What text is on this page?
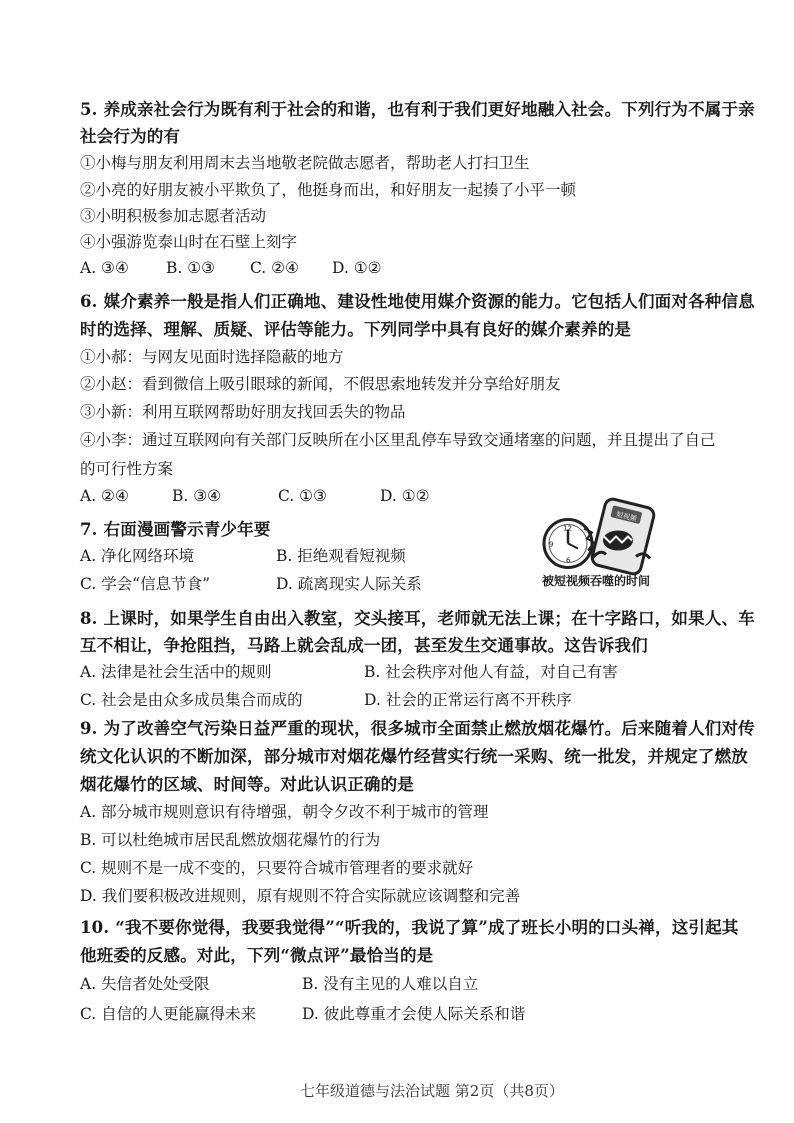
5. 养成亲社会行为既有利于社会的和谐，也有利于我们更好地融入社会。下列行为不属于亲
社会行为的有
①小梅与朋友利用周末去当地敬老院做志愿者，帮助老人打扫卫生
②小亮的好朋友被小平欺负了，他挺身而出，和好朋友一起揍了小平一顿
③小明积极参加志愿者活动
④小强游览泰山时在石壁上刻字
A. ③④ B. ①③ C. ②④ D. ①②
6. 媒介素养一般是指人们正确地、建设性地使用媒介资源的能力。它包括人们面对各种信息
时的选择、理解、质疑、评估等能力。下列同学中具有良好的媒介素养的是
①小郝：与网友见面时选择隐蔽的地方
②小赵：看到微信上吸引眼球的新闻，不假思索地转发并分享给好朋友
③小新：利用互联网帮助好朋友找回丢失的物品
④小李：通过互联网向有关部门反映所在小区里乱停车导致交通堵塞的问题，并且提出了自己
的可行性方案
A. ②④	B. ③④	C. ①③	D. ①②
7. 右面漫画警示青少年要
A. 净化网络环境	B. 拒绝观看短视频
C. 学会“信息节食”	D. 疏离现实人际关系
12
9
6
短视频
被短视频吞噬的时间
8. 上课时，如果学生自由出入教室，交头接耳，老师就无法上课；在十字路口，如果人、车
互不相让，争抢阻挡，马路上就会乱成一团，甚至发生交通事故。这告诉我们
A. 法律是社会生活中的规则	B. 社会秩序对他人有益，对自己有害
C. 社会是由众多成员集合而成的	D. 社会的正常运行离不开秩序
9. 为了改善空气污染日益严重的现状，很多城市全面禁止燃放烟花爆竹。后来随着人们对传
统文化认识的不断加深，部分城市对烟花爆竹经营实行统一采购、统一批发，并规定了燃放
烟花爆竹的区域、时间等。对此认识正确的是
A. 部分城市规则意识有待增强，朝令夕改不利于城市的管理
B. 可以杜绝城市居民乱燃放烟花爆竹的行为
C. 规则不是一成不变的，只要符合城市管理者的要求就好
D. 我们要积极改进规则，原有规则不符合实际就应该调整和完善
10. “我不要你觉得，我要我觉得”“听我的，我说了算”成了班长小明的口头禅，这引起其
他班委的反感。对此，下列“微点评”最恰当的是
A. 失信者处处受限	B. 没有主见的人难以自立
C. 自信的人更能赢得未来	D. 彼此尊重才会使人际关系和谐
七年级道德与法治试题 第2页（共8页）
